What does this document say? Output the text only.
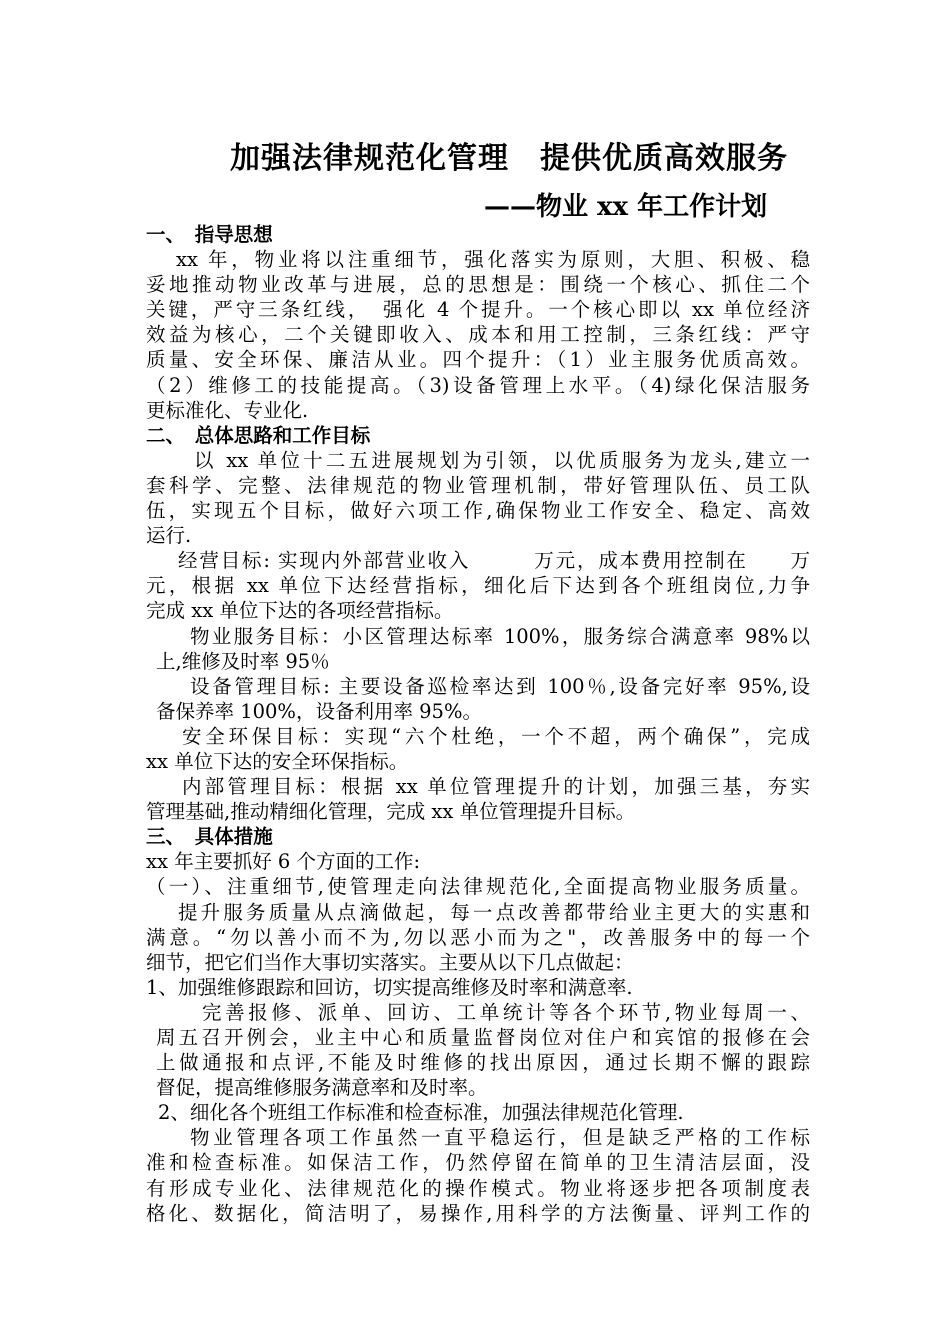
加强法律规范化管理　提供优质高效服务
——物业 xx 年工作计划
一、　指导思想
xx 年，物业将以注重细节，强化落实为原则，大胆、积极、稳
妥地推动物业改革与进展，总的思想是：围绕一个核心、抓住二个
关键，严守三条红线，　强化 4 个提升。一个核心即以 xx 单位经济
效益为核心，二个关键即收入、成本和用工控制，三条红线：严守
质量、安全环保、廉洁从业。四个提升：（1）业主服务优质高效。
（2）维修工的技能提高。（3)设备管理上水平。（4)绿化保洁服务
更标准化、专业化.
二、　总体思路和工作目标
以 xx 单位十二五进展规划为引领，以优质服务为龙头,建立一
套科学、完整、法律规范的物业管理机制，带好管理队伍、员工队
伍，实现五个目标，做好六项工作,确保物业工作安全、稳定、高效
运行.
经营目标: 实现内外部营业收入　　　万元，成本费用控制在　　万
元，根据 xx 单位下达经营指标，细化后下达到各个班组岗位,力争
完成 xx 单位下达的各项经营指标。
物业服务目标：小区管理达标率 100%，服务综合满意率 98%以
上,维修及时率 95％
设备管理目标: 主要设备巡检率达到 100％,设备完好率 95%,设
备保养率 100%，设备利用率 95%。
安全环保目标：实现“六个杜绝，一个不超，两个确保”，完成
xx 单位下达的安全环保指标。
内部管理目标：根据 xx 单位管理提升的计划，加强三基，夯实
管理基础,推动精细化管理，完成 xx 单位管理提升目标。
三、　具体措施
xx 年主要抓好 6 个方面的工作:
（一）、注重细节,使管理走向法律规范化,全面提高物业服务质量。
提升服务质量从点滴做起，每一点改善都带给业主更大的实惠和
满意。“勿以善小而不为,勿以恶小而为之"，改善服务中的每一个
细节，把它们当作大事切实落实。主要从以下几点做起：
1、加强维修跟踪和回访，切实提高维修及时率和满意率.
完善报修、派单、回访、工单统计等各个环节,物业每周一、
周五召开例会，业主中心和质量监督岗位对住户和宾馆的报修在会
上做通报和点评,不能及时维修的找出原因，通过长期不懈的跟踪
督促，提高维修服务满意率和及时率。
2、细化各个班组工作标准和检查标准，加强法律规范化管理.
物业管理各项工作虽然一直平稳运行，但是缺乏严格的工作标
准和检查标准。如保洁工作，仍然停留在简单的卫生清洁层面，没
有形成专业化、法律规范化的操作模式。物业将逐步把各项制度表
格化、数据化，简洁明了，易操作,用科学的方法衡量、评判工作的
